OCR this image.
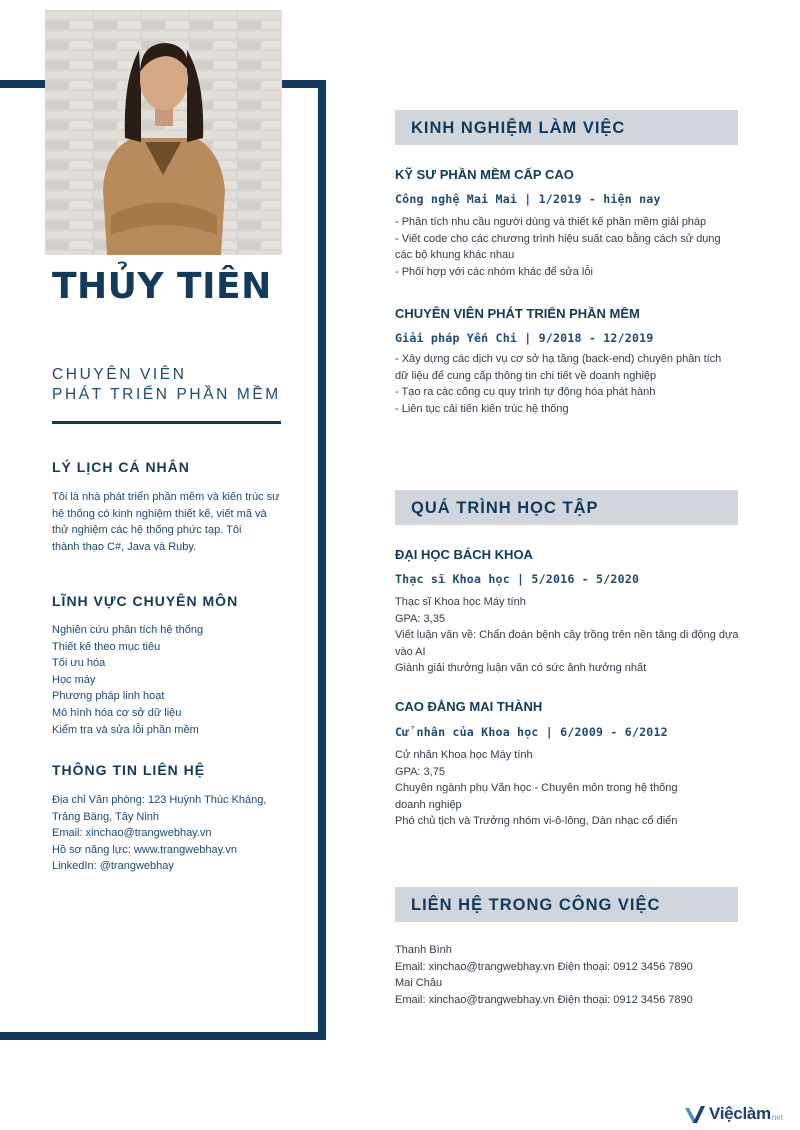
THỦY TIÊN
CHUYÊN VIÊN
PHÁT TRIỂN PHẦN MỀM
LÝ LỊCH CÁ NHÂN
Tôi là nhà phát triển phần mềm và kiến trúc sư
hệ thống có kinh nghiệm thiết kế, viết mã và
thử nghiệm các hệ thống phức tạp. Tôi
thành thạo C#, Java và Ruby.
LĨNH VỰC CHUYÊN MÔN
Nghiên cứu phân tích hệ thống
Thiết kế theo mục tiêu
Tối ưu hóa
Học máy
Phương pháp linh hoạt
Mô hình hóa cơ sở dữ liệu
Kiểm tra và sửa lỗi phần mềm
THÔNG TIN LIÊN HỆ
Địa chỉ Văn phòng: 123 Huỳnh Thúc Kháng,
Trảng Bàng, Tây Ninh
Email: xinchao@trangwebhay.vn
Hồ sơ năng lực: www.trangwebhay.vn
LinkedIn: @trangwebhay
KINH NGHIỆM LÀM VIỆC
KỸ SƯ PHẦN MỀM CẤP CAO
Công nghệ Mai Mai | 1/2019 - hiện nay
- Phân tích nhu cầu người dùng và thiết kế phần mềm giải pháp
- Viết code cho các chương trình hiệu suất cao bằng cách sử dụng
các bộ khung khác nhau
- Phối hợp với các nhóm khác để sửa lỗi
CHUYÊN VIÊN PHÁT TRIỂN PHẦN MỀM
Giải pháp Yến Chi | 9/2018 - 12/2019
- Xây dựng các dịch vụ cơ sở hạ tầng (back-end) chuyên phân tích
dữ liệu để cung cấp thông tin chi tiết về doanh nghiệp
- Tạo ra các công cụ quy trình tự động hóa phát hành
- Liên tục cải tiến kiến trúc hệ thống
QUÁ TRÌNH HỌC TẬP
ĐẠI HỌC BÁCH KHOA
Thạc sĩ Khoa học | 5/2016 - 5/2020
Thạc sĩ Khoa học Máy tính
GPA: 3,35
Viết luận văn về: Chẩn đoán bệnh cây trồng trên nền tảng di động dựa
vào AI
Giành giải thưởng luận văn có sức ảnh hưởng nhất
CAO ĐẲNG MAI THÀNH
Cử nhân của Khoa học | 6/2009 - 6/2012
Cử nhân Khoa học Máy tính
GPA: 3,75
Chuyên ngành phụ Văn học - Chuyên môn trong hệ thống
doanh nghiệp
Phó chủ tịch và Trưởng nhóm vi-ô-lông, Dàn nhạc cổ điển
LIÊN HỆ TRONG CÔNG VIỆC
Thanh Bình
Email: xinchao@trangwebhay.vn Điện thoại: 0912 3456 7890
Mai Châu
Email: xinchao@trangwebhay.vn Điện thoại: 0912 3456 7890
Việclàm net
